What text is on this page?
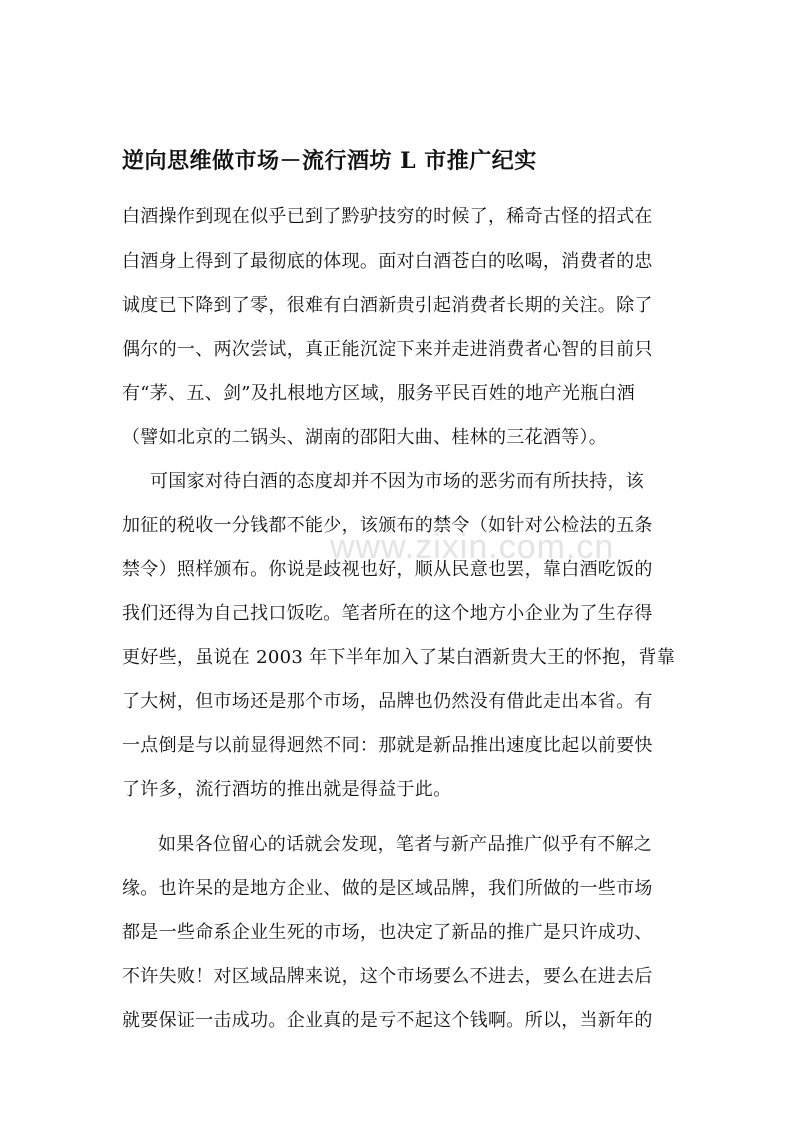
www.zixin.com.cn
逆向思维做市场－流行酒坊 L 市推广纪实
白酒操作到现在似乎已到了黔驴技穷的时候了，稀奇古怪的招式在
白酒身上得到了最彻底的体现。面对白酒苍白的吆喝，消费者的忠
诚度已下降到了零，很难有白酒新贵引起消费者长期的关注。除了
偶尔的一、两次尝试，真正能沉淀下来并走进消费者心智的目前只
有“茅、五、剑”及扎根地方区域，服务平民百姓的地产光瓶白酒
（譬如北京的二锅头、湖南的邵阳大曲、桂林的三花酒等）。
可国家对待白酒的态度却并不因为市场的恶劣而有所扶持，该
加征的税收一分钱都不能少，该颁布的禁令（如针对公检法的五条
禁令）照样颁布。你说是歧视也好，顺从民意也罢，靠白酒吃饭的
我们还得为自己找口饭吃。笔者所在的这个地方小企业为了生存得
更好些，虽说在 2003 年下半年加入了某白酒新贵大王的怀抱，背靠
了大树，但市场还是那个市场，品牌也仍然没有借此走出本省。有
一点倒是与以前显得迥然不同：那就是新品推出速度比起以前要快
了许多，流行酒坊的推出就是得益于此。
如果各位留心的话就会发现，笔者与新产品推广似乎有不解之
缘。也许呆的是地方企业、做的是区域品牌，我们所做的一些市场
都是一些命系企业生死的市场，也决定了新品的推广是只许成功、
不许失败！对区域品牌来说，这个市场要么不进去，要么在进去后
就要保证一击成功。企业真的是亏不起这个钱啊。所以，当新年的
